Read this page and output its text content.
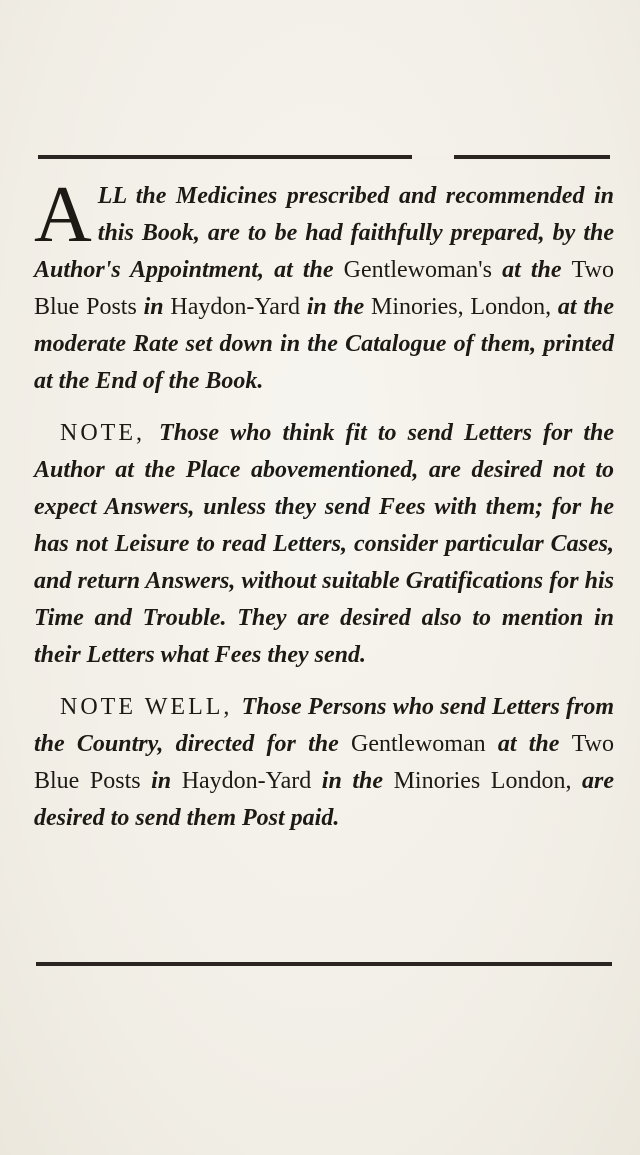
A LL the Medicines prescribed and recommended in this Book, are to be had faithfully prepared, by the Author's Appointment, at the Gentlewoman's at the Two Blue Posts in Haydon-Yard in the Minories, London, at the moderate Rate set down in the Catalogue of them, printed at the End of the Book.

NOTE, Those who think fit to send Letters for the Author at the Place abovementioned, are desired not to expect Answers, unless they send Fees with them; for he has not Leisure to read Letters, consider particular Cases, and return Answers, without suitable Gratifications for his Time and Trouble. They are desired also to mention in their Letters what Fees they send.

NOTE WELL, Those Persons who send Letters from the Country, directed for the Gentlewoman at the Two Blue Posts in Haydon-Yard in the Minories London, are desired to send them Post paid.
